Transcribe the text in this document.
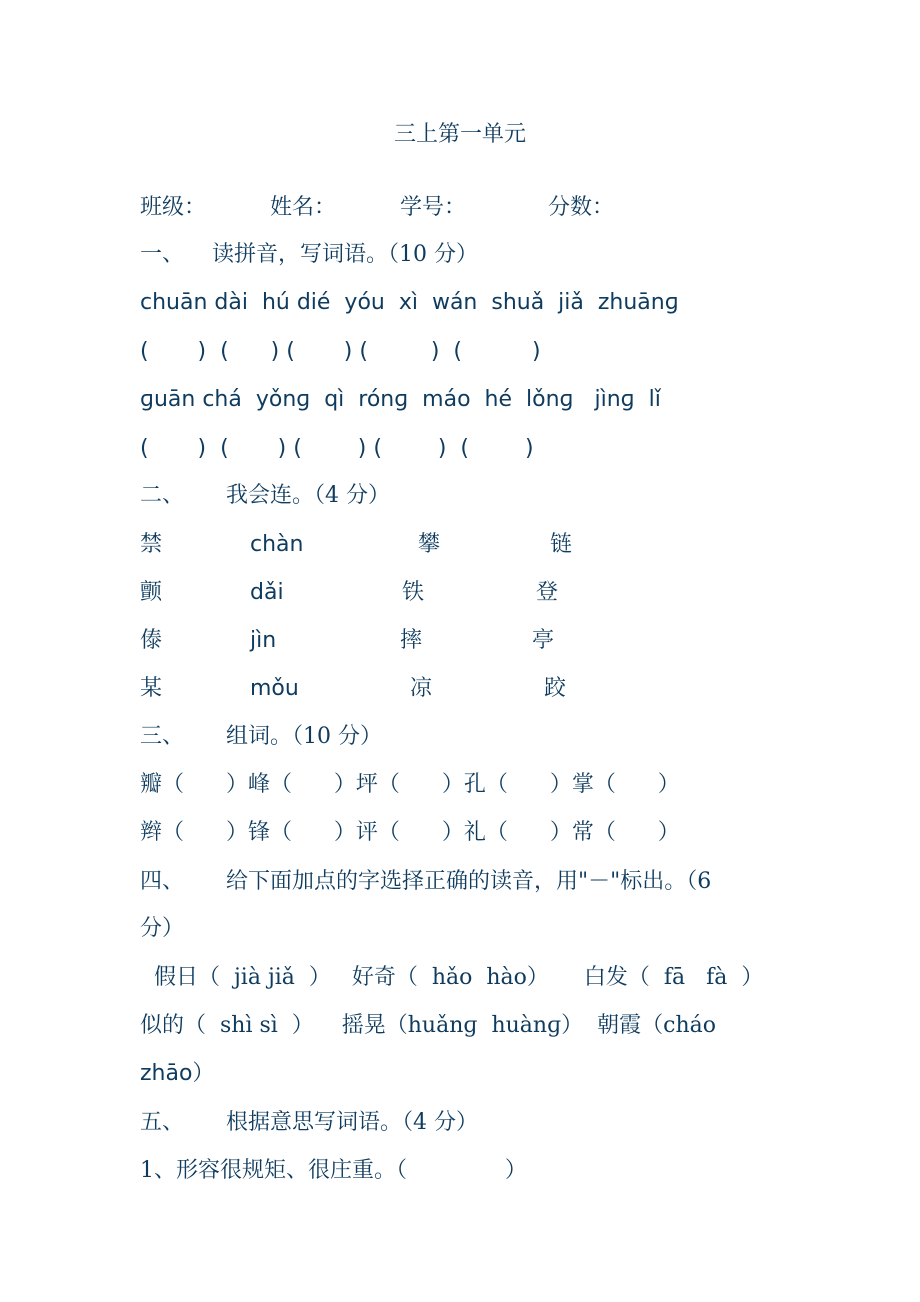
三上第一单元
班级：	姓名：	学号：	分数：
一、    读拼音，写词语。（10 分）
chuān dài  hú dié  yóu  xì  wán  shuǎ  jiǎ  zhuānɡ
(       )  (      ) (       ) (         )  (          )
ɡuān chá  yǒnɡ  qì  rónɡ  máo  hé  lǒnɡ   jìnɡ  lǐ
(       )  (       ) (        ) (        )  (        )
二、      我会连。（4 分）
禁	chàn	攀	链
颤	dǎi	铁	登
傣	jìn	摔	亭
某	mǒu	凉	跤
三、      组词。（10 分）
瓣（      ）峰（      ）坪（      ）孔（      ）掌（      ）
辫（      ）锋（      ）评（      ）礼（      ）常（      ）
四、      给下面加点的字选择正确的读音，用"－"标出。（6
分）
假日（  jià jiǎ  ）   好奇（  hǎo  hào）     白发（  fā   fà  ）
似的（  shì sì  ）    摇晃（huǎnɡ  huànɡ）  朝霞（cháo
zhāo）
五、      根据意思写词语。（4 分）
1、形容很规矩、很庄重。（              ）
